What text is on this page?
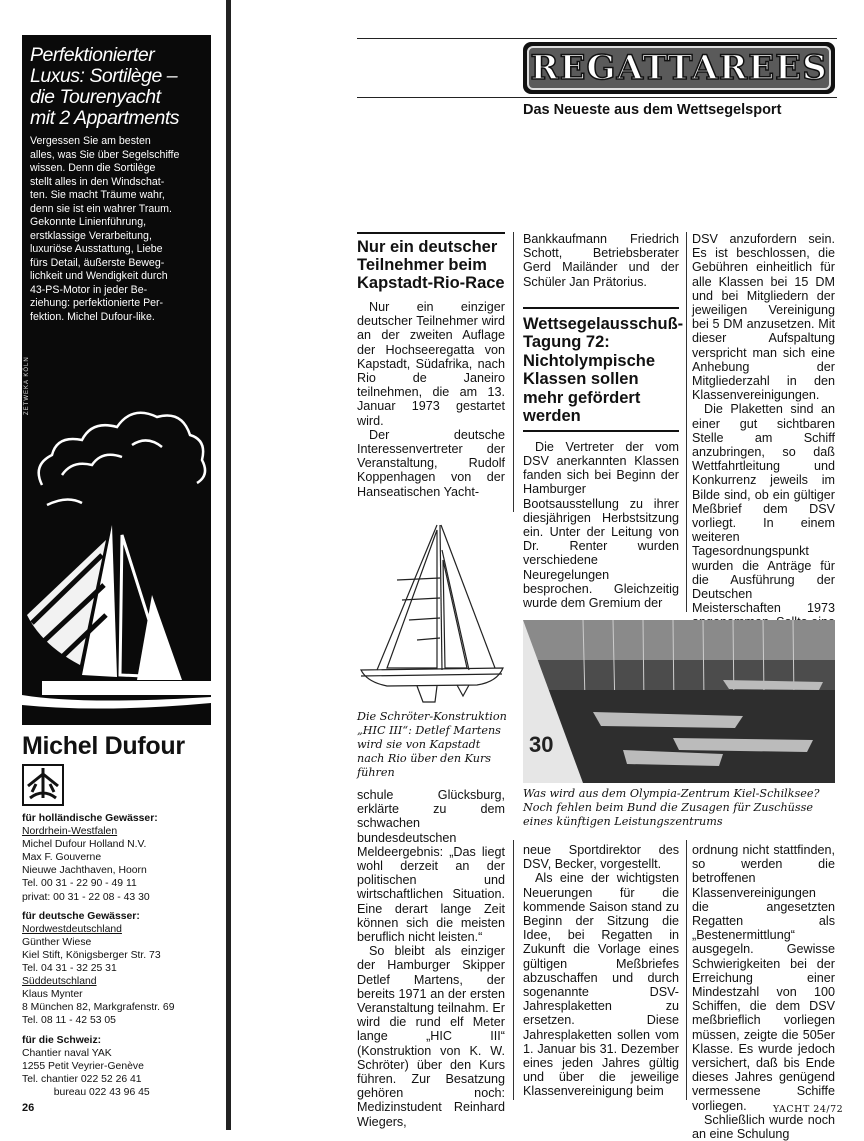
Perfektionierter
Luxus: Sortilège –
die Tourenyacht
mit 2 Appartments
Vergessen Sie am besten
alles, was Sie über Segelschiffe
wissen. Denn die Sortilège
stellt alles in den Windschat-
ten. Sie macht Träume wahr,
denn sie ist ein wahrer Traum.
Gekonnte Linienführung,
erstklassige Verarbeitung,
luxuriöse Ausstattung, Liebe
fürs Detail, äußerste Beweg-
lichkeit und Wendigkeit durch
43-PS-Motor in jeder Be-
ziehung: perfektionierte Per-
fektion. Michel Dufour-like.
ZETWEKA KÖLN
Michel Dufour
für holländische Gewässer:
Nordrhein-Westfalen
Michel Dufour Holland N.V.
Max F. Gouverne
Nieuwe Jachthaven, Hoorn
Tel. 00 31 - 22 90 - 49 11
privat: 00 31 - 22 08 - 43 30
für deutsche Gewässer:
Nordwestdeutschland
Günther Wiese
Kiel Stift, Königsberger Str. 73
Tel. 04 31 - 32 25 31
Süddeutschland
Klaus Mynter
8 München 82, Markgrafenstr. 69
Tel. 08 11 - 42 53 05
für die Schweiz:
Chantier naval YAK
1255 Petit Veyrier-Genève
Tel. chantier 022 52 26 41
bureau 022 43 96 45
26
REGATTAREES
Das Neueste aus dem Wettsegelsport
Nur ein deutscher Teilnehmer beim Kapstadt-Rio-Race

Nur ein einziger deutscher Teilnehmer wird an der zweiten Auflage der Hochseeregatta von Kapstadt, Südafrika, nach Rio de Janeiro teilnehmen, die am 13. Januar 1973 gestartet wird.

Der deutsche Interessenvertreter der Veranstaltung, Rudolf Koppenhagen von der Hanseatischen Yacht-

Die Schröter-Konstruktion „HIC III“: Detlef Martens wird sie von Kapstadt nach Rio über den Kurs führen

schule Glücksburg, erklärte zu dem schwachen bundesdeutschen Meldeergebnis: „Das liegt wohl derzeit an der politischen und wirtschaftlichen Situation. Eine derart lange Zeit können sich die meisten beruflich nicht leisten.“

So bleibt als einziger der Hamburger Skipper Detlef Martens, der bereits 1971 an der ersten Veranstaltung teilnahm. Er wird die rund elf Meter lange „HIC III“ (Konstruktion von K. W. Schröter) über den Kurs führen. Zur Besatzung gehören noch: Medizinstudent Reinhard Wiegers,

Bankkaufmann Friedrich Schott, Betriebsberater Gerd Mailänder und der Schüler Jan Prätorius.

Wettsegelausschuß-Tagung 72: Nichtolympische Klassen sollen mehr gefördert werden

Die Vertreter der vom DSV anerkannten Klassen fanden sich bei Beginn der Hamburger Bootsausstellung zu ihrer diesjährigen Herbstsitzung ein. Unter der Leitung von Dr. Renter wurden verschiedene Neuregelungen besprochen. Gleichzeitig wurde dem Gremium der

DSV anzufordern sein. Es ist beschlossen, die Gebühren einheitlich für alle Klassen bei 15 DM und bei Mitgliedern der jeweiligen Vereinigung bei 5 DM anzusetzen. Mit dieser Aufspaltung verspricht man sich eine Anhebung der Mitgliederzahl in den Klassenvereinigungen.

Die Plaketten sind an einer gut sichtbaren Stelle am Schiff anzubringen, so daß Wettfahrtleitung und Konkurrenz jeweils im Bilde sind, ob ein gültiger Meßbrief dem DSV vorliegt. In einem weiteren Tagesordnungspunkt wurden die Anträge für die Ausführung der Deutschen Meisterschaften 1973

30
Was wird aus dem Olympia-Zentrum Kiel-Schilksee? Noch fehlen beim Bund die Zusagen für Zuschüsse eines künftigen Leistungszentrums

neue Sportdirektor des DSV, Becker, vorgestellt.

Als eine der wichtigsten Neuerungen für die kommende Saison stand zu Beginn der Sitzung die Idee, bei Regatten in Zukunft die Vorlage eines gültigen Meßbriefes abzuschaffen und durch sogenannte DSV-Jahresplaketten zu ersetzen. Diese Jahresplaketten sollen vom 1. Januar bis 31. Dezember eines jeden Jahres gültig und über die jeweilige Klassenvereinigung beim

ordnung nicht stattfinden, so werden die betroffenen Klassenvereinigungen die angesetzten Regatten als „Bestenermittlung“ ausgegeln. Gewisse Schwierigkeiten bei der Erreichung einer Mindestzahl von 100 Schiffen, die dem DSV meßbrieflich vorliegen müssen, zeigte die 505er Klasse. Es wurde jedoch versichert, daß bis Ende dieses Jahres genügend vermessene Schiffe vorliegen.

Schließlich wurde noch an eine Schulung

YACHT 24/72
